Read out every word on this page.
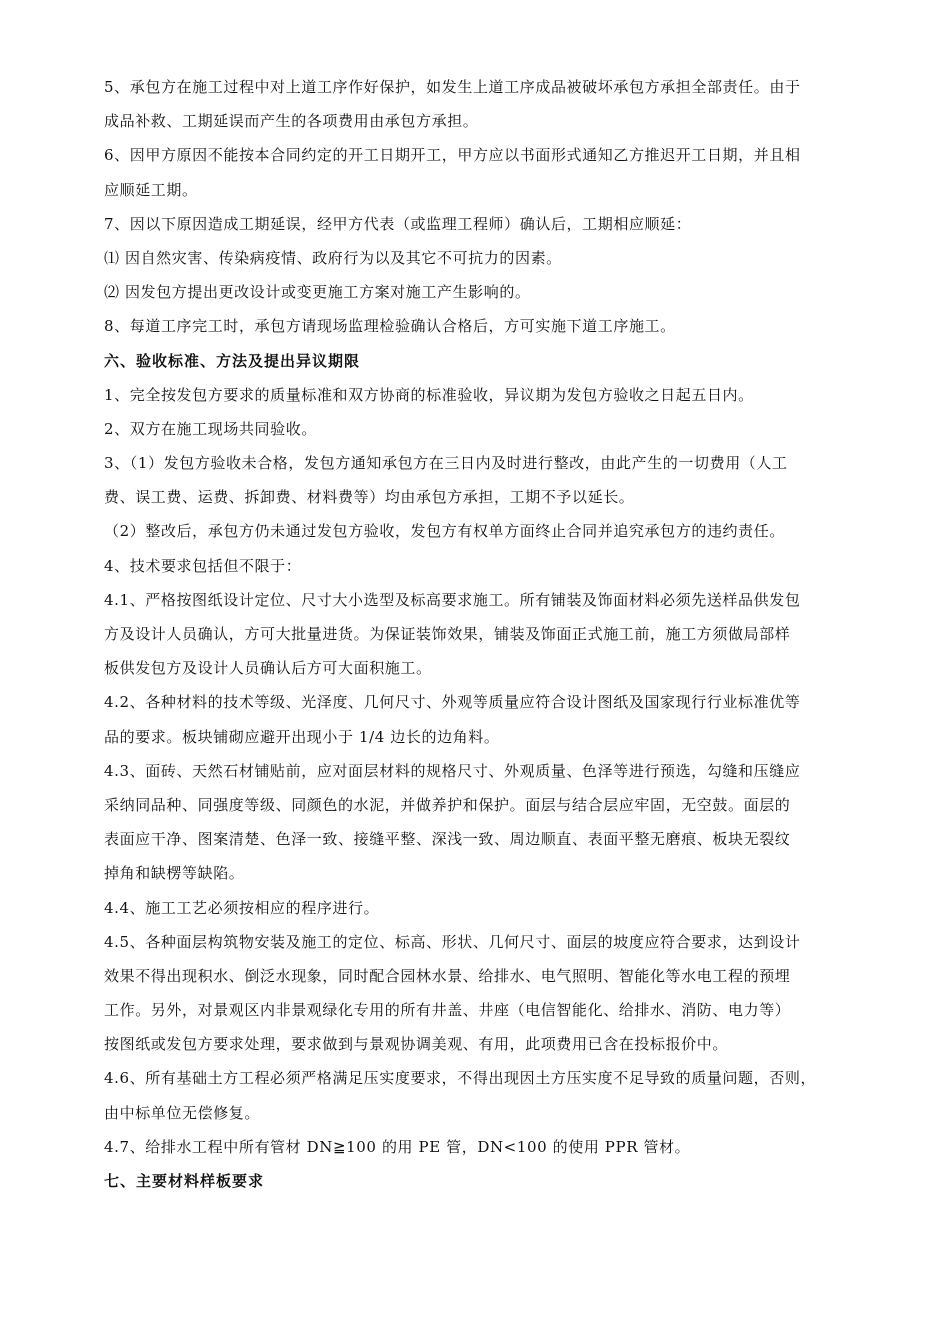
5、承包方在施工过程中对上道工序作好保护，如发生上道工序成品被破坏承包方承担全部责任。由于
成品补救、工期延误而产生的各项费用由承包方承担。
6、因甲方原因不能按本合同约定的开工日期开工，甲方应以书面形式通知乙方推迟开工日期，并且相
应顺延工期。
7、因以下原因造成工期延误，经甲方代表（或监理工程师）确认后，工期相应顺延：
⑴ 因自然灾害、传染病疫情、政府行为以及其它不可抗力的因素。
⑵ 因发包方提出更改设计或变更施工方案对施工产生影响的。
8、每道工序完工时，承包方请现场监理检验确认合格后，方可实施下道工序施工。
六、验收标准、方法及提出异议期限
1、完全按发包方要求的质量标准和双方协商的标准验收，异议期为发包方验收之日起五日内。
2、双方在施工现场共同验收。
3、（1）发包方验收未合格，发包方通知承包方在三日内及时进行整改，由此产生的一切费用（人工
费、误工费、运费、拆卸费、材料费等）均由承包方承担，工期不予以延长。
（2）整改后，承包方仍未通过发包方验收，发包方有权单方面终止合同并追究承包方的违约责任。
4、技术要求包括但不限于：
4.1、严格按图纸设计定位、尺寸大小选型及标高要求施工。所有铺装及饰面材料必须先送样品供发包
方及设计人员确认，方可大批量进货。为保证装饰效果，铺装及饰面正式施工前，施工方须做局部样
板供发包方及设计人员确认后方可大面积施工。
4.2、各种材料的技术等级、光泽度、几何尺寸、外观等质量应符合设计图纸及国家现行行业标准优等
品的要求。板块铺砌应避开出现小于 1/4 边长的边角料。
4.3、面砖、天然石材铺贴前，应对面层材料的规格尺寸、外观质量、色泽等进行预选，勾缝和压缝应
采纳同品种、同强度等级、同颜色的水泥，并做养护和保护。面层与结合层应牢固，无空鼓。面层的
表面应干净、图案清楚、色泽一致、接缝平整、深浅一致、周边顺直、表面平整无磨痕、板块无裂纹
掉角和缺楞等缺陷。
4.4、施工工艺必须按相应的程序进行。
4.5、各种面层构筑物安装及施工的定位、标高、形状、几何尺寸、面层的坡度应符合要求，达到设计
效果不得出现积水、倒泛水现象，同时配合园林水景、给排水、电气照明、智能化等水电工程的预埋
工作。另外，对景观区内非景观绿化专用的所有井盖、井座（电信智能化、给排水、消防、电力等）
按图纸或发包方要求处理，要求做到与景观协调美观、有用，此项费用已含在投标报价中。
4.6、所有基础土方工程必须严格满足压实度要求，不得出现因土方压实度不足导致的质量问题，否则，
由中标单位无偿修复。
4.7、给排水工程中所有管材 DN≧100 的用 PE 管，DN<100 的使用 PPR 管材。
七、主要材料样板要求
